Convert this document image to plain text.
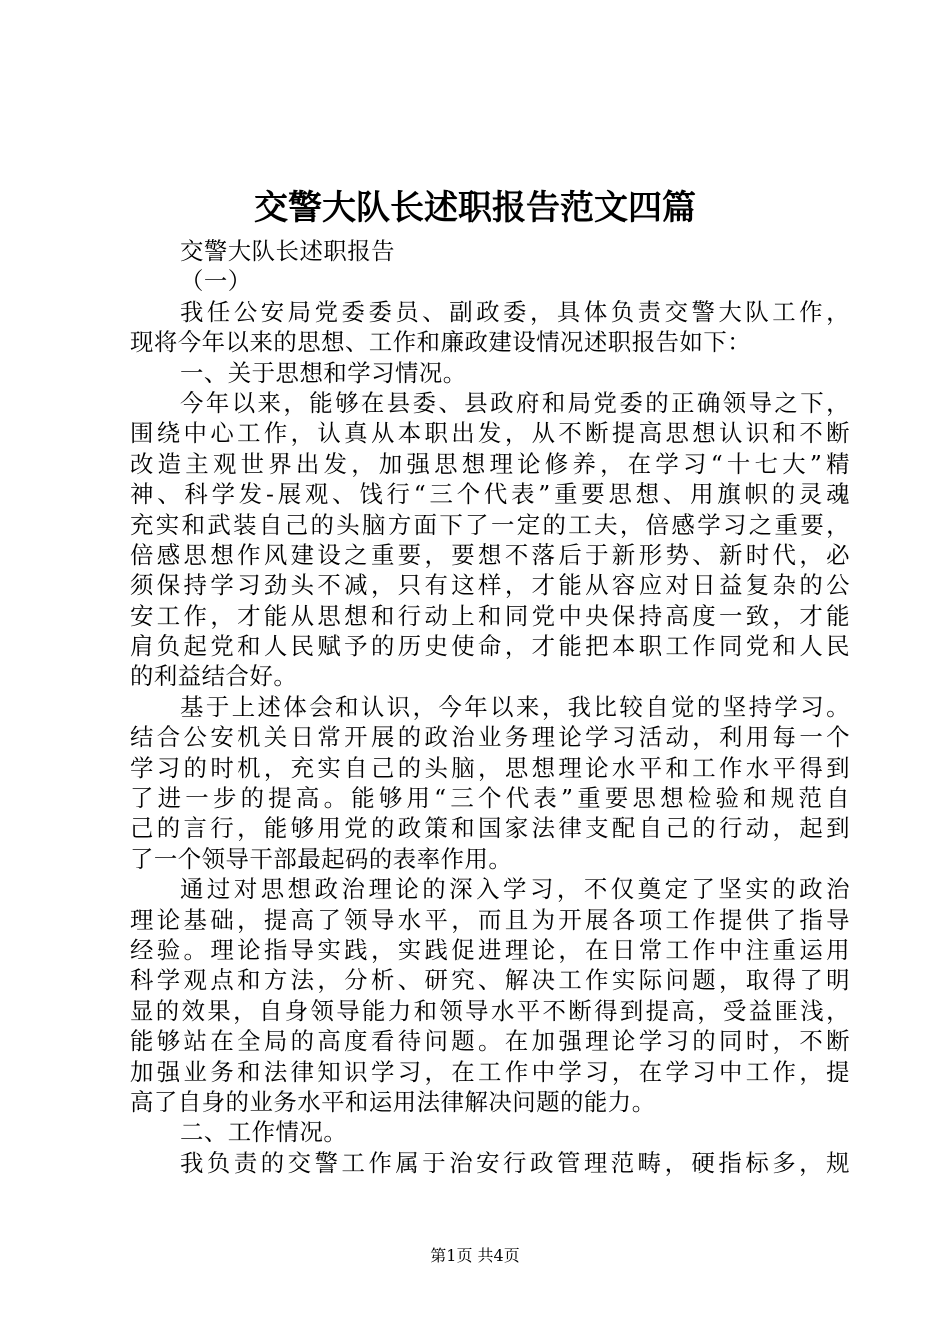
交警大队长述职报告范文四篇
交警大队长述职报告
（一）
我任公安局党委委员、副政委，具体负责交警大队工作，
现将今年以来的思想、工作和廉政建设情况述职报告如下：
一、关于思想和学习情况。
今年以来，能够在县委、县政府和局党委的正确领导之下，
围绕中心工作，认真从本职出发，从不断提高思想认识和不断
改造主观世界出发，加强思想理论修养，在学习“十七大”精
神、科学发-展观、饯行“三个代表”重要思想、用旗帜的灵魂
充实和武装自己的头脑方面下了一定的工夫，倍感学习之重要，
倍感思想作风建设之重要，要想不落后于新形势、新时代，必
须保持学习劲头不减，只有这样，才能从容应对日益复杂的公
安工作，才能从思想和行动上和同党中央保持高度一致，才能
肩负起党和人民赋予的历史使命，才能把本职工作同党和人民
的利益结合好。
基于上述体会和认识，今年以来，我比较自觉的坚持学习。
结合公安机关日常开展的政治业务理论学习活动，利用每一个
学习的时机，充实自己的头脑，思想理论水平和工作水平得到
了进一步的提高。能够用“三个代表”重要思想检验和规范自
己的言行，能够用党的政策和国家法律支配自己的行动，起到
了一个领导干部最起码的表率作用。
通过对思想政治理论的深入学习，不仅奠定了坚实的政治
理论基础，提高了领导水平，而且为开展各项工作提供了指导
经验。理论指导实践，实践促进理论，在日常工作中注重运用
科学观点和方法，分析、研究、解决工作实际问题，取得了明
显的效果，自身领导能力和领导水平不断得到提高，受益匪浅，
能够站在全局的高度看待问题。在加强理论学习的同时，不断
加强业务和法律知识学习，在工作中学习，在学习中工作，提
高了自身的业务水平和运用法律解决问题的能力。
二、工作情况。
我负责的交警工作属于治安行政管理范畴，硬指标多，规
第1页 共4页
